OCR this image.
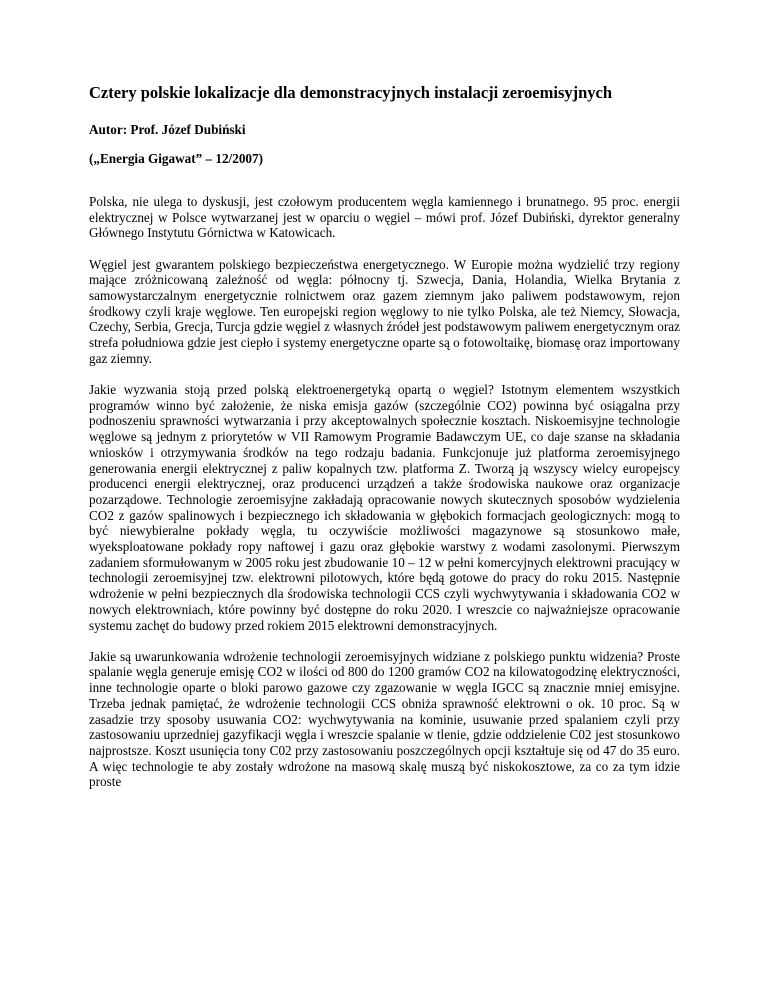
Cztery polskie lokalizacje dla demonstracyjnych instalacji zeroemisyjnych

Autor: Prof. Józef Dubiński

(„Energia Gigawat” – 12/2007)

Polska, nie ulega to dyskusji, jest czołowym producentem węgla kamiennego i brunatnego. 95 proc. energii elektrycznej w Polsce wytwarzanej jest w oparciu o węgiel – mówi prof. Józef Dubiński, dyrektor generalny Głównego Instytutu Górnictwa w Katowicach.

Węgiel jest gwarantem polskiego bezpieczeństwa energetycznego. W Europie można wydzielić trzy regiony mające zróżnicowaną zależność od węgla: północny tj. Szwecja, Dania, Holandia, Wielka Brytania z samowystarczalnym energetycznie rolnictwem oraz gazem ziemnym jako paliwem podstawowym, rejon środkowy czyli kraje węglowe. Ten europejski region węglowy to nie tylko Polska, ale też Niemcy, Słowacja, Czechy, Serbia, Grecja, Turcja gdzie węgiel z własnych źródeł jest podstawowym paliwem energetycznym oraz strefa południowa gdzie jest ciepło i systemy energetyczne oparte są o fotowoltaikę, biomasę oraz importowany gaz ziemny.

Jakie wyzwania stoją przed polską elektroenergetyką opartą o węgiel? Istotnym elementem wszystkich programów winno być założenie, że niska emisja gazów (szczególnie CO2) powinna być osiągalna przy podnoszeniu sprawności wytwarzania i przy akceptowalnych społecznie kosztach. Niskoemisyjne technologie węglowe są jednym z priorytetów w VII Ramowym Programie Badawczym UE, co daje szanse na składania wniosków i otrzymywania środków na tego rodzaju badania. Funkcjonuje już platforma zeroemisyjnego generowania energii elektrycznej z paliw kopalnych tzw. platforma Z. Tworzą ją wszyscy wielcy europejscy producenci energii elektrycznej, oraz producenci urządzeń a także środowiska naukowe oraz organizacje pozarządowe. Technologie zeroemisyjne zakładają opracowanie nowych skutecznych sposobów wydzielenia CO2 z gazów spalinowych i bezpiecznego ich składowania w głębokich formacjach geologicznych: mogą to być niewybieralne pokłady węgla, tu oczywiście możliwości magazynowe są stosunkowo małe, wyeksploatowane pokłady ropy naftowej i gazu oraz głębokie warstwy z wodami zasolonymi. Pierwszym zadaniem sformułowanym w 2005 roku jest zbudowanie 10 – 12 w pełni komercyjnych elektrowni pracujący w technologii zeroemisyjnej tzw. elektrowni pilotowych, które będą gotowe do pracy do roku 2015. Następnie wdrożenie w pełni bezpiecznych dla środowiska technologii CCS czyli wychwytywania i składowania CO2 w nowych elektrowniach, które powinny być dostępne do roku 2020. I wreszcie co najważniejsze opracowanie systemu zachęt do budowy przed rokiem 2015 elektrowni demonstracyjnych.

Jakie są uwarunkowania wdrożenie technologii zeroemisyjnych widziane z polskiego punktu widzenia? Proste spalanie węgla generuje emisję CO2 w ilości od 800 do 1200 gramów CO2 na kilowatogodzinę elektryczności, inne technologie oparte o bloki parowo gazowe czy zgazowanie w węgla IGCC są znacznie mniej emisyjne. Trzeba jednak pamiętać, że wdrożenie technologii CCS obniża sprawność elektrowni o ok. 10 proc. Są w zasadzie trzy sposoby usuwania CO2: wychwytywania na kominie, usuwanie przed spalaniem czyli przy zastosowaniu uprzedniej gazyfikacji węgla i wreszcie spalanie w tlenie, gdzie oddzielenie C02 jest stosunkowo najprostsze. Koszt usunięcia tony C02 przy zastosowaniu poszczególnych opcji kształtuje się od 47 do 35 euro. A więc technologie te aby zostały wdrożone na masową skalę muszą być niskokosztowe, za co za tym idzie proste
